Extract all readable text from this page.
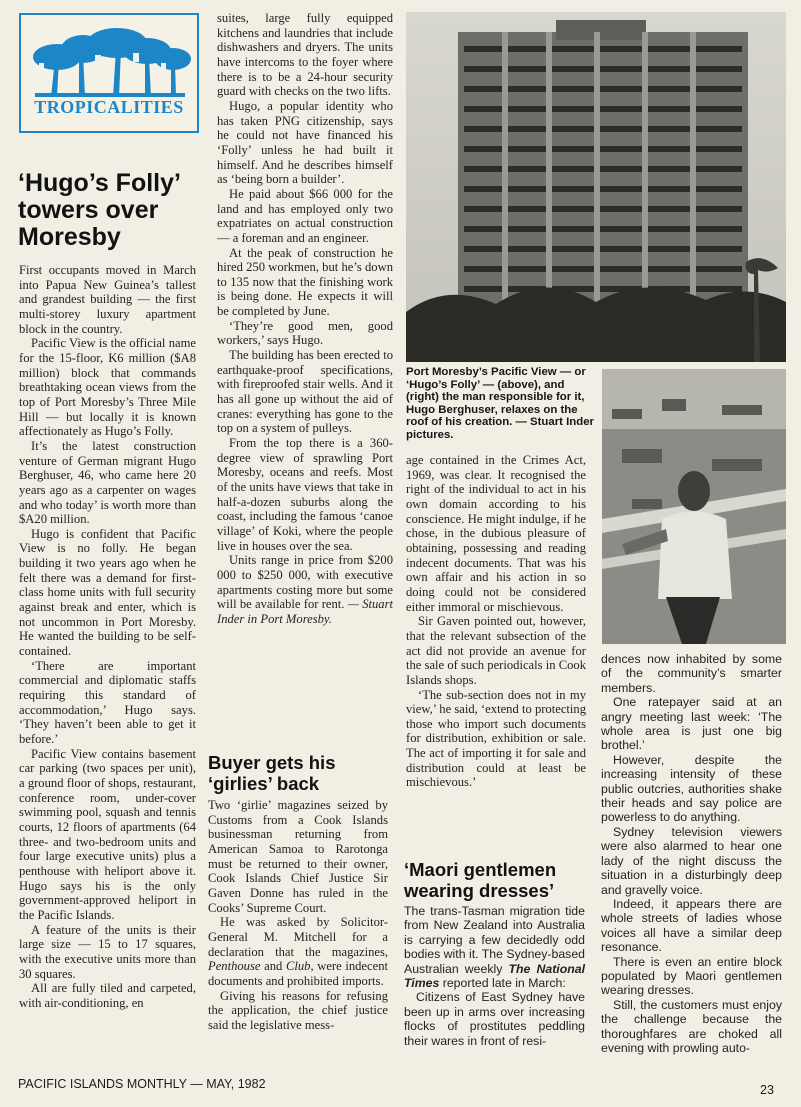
TROPICALITIES
‘Hugo’s Folly’
towers over
Moresby

First occupants moved in March into Papua New Guinea’s tallest and grandest building — the first multi-storey luxury apartment block in the country.

Pacific View is the official name for the 15-floor, K6 million ($A8 million) block that commands breathtaking ocean views from the top of Port Moresby’s Three Mile Hill — but locally it is known affectionately as Hugo’s Folly.

It’s the latest construction venture of German migrant Hugo Berghuser, 46, who came here 20 years ago as a carpenter on wages and who today’ is worth more than $A20 million.

Hugo is confident that Pacific View is no folly. He began building it two years ago when he felt there was a demand for first-class home units with full security against break and enter, which is not uncommon in Port Moresby. He wanted the building to be self-contained.

‘There are important commercial and diplomatic staffs requiring this standard of accommodation,’ Hugo says. ‘They haven’t been able to get it before.’

Pacific View contains basement car parking (two spaces per unit), a ground floor of shops, restaurant, conference room, under-cover swimming pool, squash and tennis courts, 12 floors of apartments (64 three- and two-bedroom units and four large executive units) plus a penthouse with heliport above it. Hugo says his is the only government-approved heliport in the Pacific Islands.

A feature of the units is their large size — 15 to 17 squares, with the executive units more than 30 squares.

All are fully tiled and carpeted, with air-conditioning, en

suites, large fully equipped kitchens and laundries that include dishwashers and dryers. The units have intercoms to the foyer where there is to be a 24-hour security guard with checks on the two lifts.

Hugo, a popular identity who has taken PNG citizenship, says he could not have financed his ‘Folly’ unless he had built it himself. And he describes himself as ‘being born a builder’.

He paid about $66 000 for the land and has employed only two expatriates on actual construction — a foreman and an engineer.

At the peak of construction he hired 250 workmen, but he’s down to 135 now that the finishing work is being done. He expects it will be completed by June.

‘They’re good men, good workers,’ says Hugo.

The building has been erected to earthquake-proof specifications, with fireproofed stair wells. And it has all gone up without the aid of cranes: everything has gone to the top on a system of pulleys.

From the top there is a 360-degree view of sprawling Port Moresby, oceans and reefs. Most of the units have views that take in half-a-dozen suburbs along the coast, including the famous ‘canoe village’ of Koki, where the people live in houses over the sea.

Units range in price from $200 000 to $250 000, with executive apartments costing more but some will be available for rent. — Stuart Inder in Port Moresby.

Buyer gets his
‘girlies’ back

Two ‘girlie’ magazines seized by Customs from a Cook Islands businessman returning from American Samoa to Rarotonga must be returned to their owner, Cook Islands Chief Justice Sir Gaven Donne has ruled in the Cooks’ Supreme Court.

He was asked by Solicitor-General M. Mitchell for a declaration that the magazines, Penthouse and Club, were indecent documents and prohibited imports.

Giving his reasons for refusing the application, the chief justice said the legislative mess-

Port Moresby’s Pacific View — or ‘Hugo’s Folly’ — (above), and (right) the man responsible for it, Hugo Berghuser, relaxes on the roof of his creation. — Stuart Inder pictures.

age contained in the Crimes Act, 1969, was clear. It recognised the right of the individual to act in his own domain according to his conscience. He might indulge, if he chose, in the dubious pleasure of obtaining, possessing and reading indecent documents. That was his own affair and his action in so doing could not be considered either immoral or mischievous.

Sir Gaven pointed out, however, that the relevant subsection of the act did not provide an avenue for the sale of such periodicals in Cook Islands shops.

‘The sub-section does not in my view,’ he said, ‘extend to protecting those who import such documents for distribution, exhibition or sale. The act of importing it for sale and distribution could at least be mischievous.’

‘Maori gentlemen
wearing dresses’

The trans-Tasman migration tide from New Zealand into Australia is carrying a few decidedly odd bodies with it. The Sydney-based Australian weekly The National Times reported late in March:

Citizens of East Sydney have been up in arms over increasing flocks of prostitutes peddling their wares in front of resi-

dences now inhabited by some of the community’s smarter members.

One ratepayer said at an angry meeting last week: ‘The whole area is just one big brothel.’

However, despite the increasing intensity of these public outcries, authorities shake their heads and say police are powerless to do anything.

Sydney television viewers were also alarmed to hear one lady of the night discuss the situation in a disturbingly deep and gravelly voice.

Indeed, it appears there are whole streets of ladies whose voices all have a similar deep resonance.

There is even an entire block populated by Maori gentlemen wearing dresses.

Still, the customers must enjoy the challenge because the thoroughfares are choked all evening with prowling auto-

PACIFIC ISLANDS MONTHLY — MAY, 1982	23
